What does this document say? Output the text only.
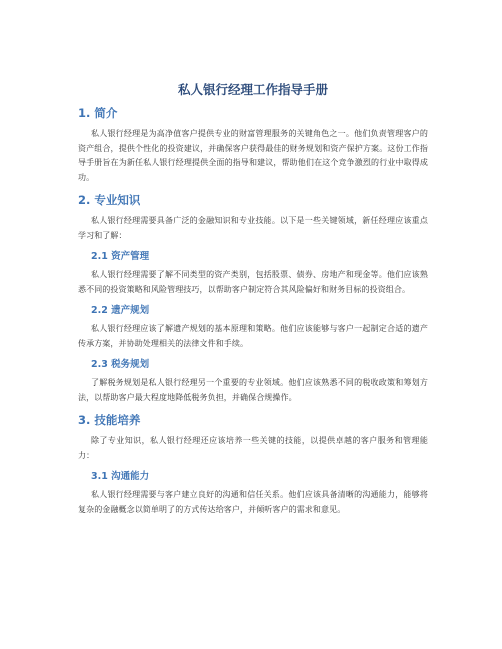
私人银行经理工作指导手册
1. 简介

私人银行经理是为高净值客户提供专业的财富管理服务的关键角色之一。他们负责管理客户的资产组合，提供个性化的投资建议，并确保客户获得最佳的财务规划和资产保护方案。这份工作指导手册旨在为新任私人银行经理提供全面的指导和建议，帮助他们在这个竞争激烈的行业中取得成功。

2. 专业知识

私人银行经理需要具备广泛的金融知识和专业技能。以下是一些关键领域，新任经理应该重点学习和了解：

2.1 资产管理

私人银行经理需要了解不同类型的资产类别，包括股票、债券、房地产和现金等。他们应该熟悉不同的投资策略和风险管理技巧，以帮助客户制定符合其风险偏好和财务目标的投资组合。

2.2 遗产规划

私人银行经理应该了解遗产规划的基本原理和策略。他们应该能够与客户一起制定合适的遗产传承方案，并协助处理相关的法律文件和手续。

2.3 税务规划

了解税务规划是私人银行经理另一个重要的专业领域。他们应该熟悉不同的税收政策和筹划方法，以帮助客户最大程度地降低税务负担，并确保合规操作。

3. 技能培养

除了专业知识，私人银行经理还应该培养一些关键的技能，以提供卓越的客户服务和管理能力：

3.1 沟通能力

私人银行经理需要与客户建立良好的沟通和信任关系。他们应该具备清晰的沟通能力，能够将复杂的金融概念以简单明了的方式传达给客户，并倾听客户的需求和意见。
